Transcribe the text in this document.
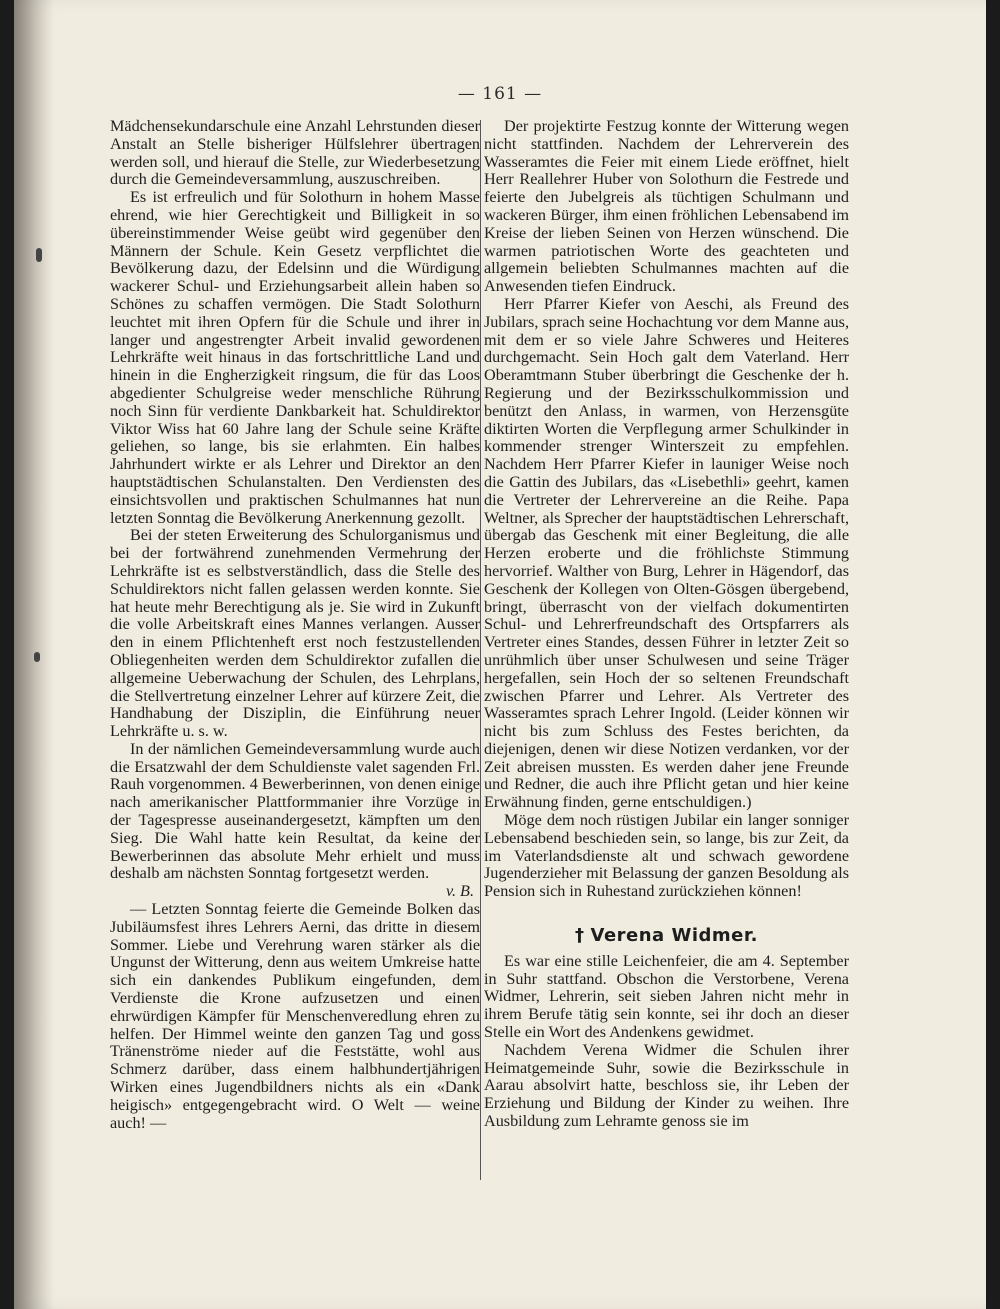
— 161 —

Mädchensekundarschule eine Anzahl Lehrstunden dieser Anstalt an Stelle bisheriger Hülfslehrer übertragen werden soll, und hierauf die Stelle, zur Wiederbesetzung durch die Gemeindeversammlung, auszuschreiben.

Es ist erfreulich und für Solothurn in hohem Masse ehrend, wie hier Gerechtigkeit und Billigkeit in so übereinstimmender Weise geübt wird gegenüber den Männern der Schule. Kein Gesetz verpflichtet die Bevölkerung dazu, der Edelsinn und die Würdigung wackerer Schul- und Erziehungsarbeit allein haben so Schönes zu schaffen vermögen. Die Stadt Solothurn leuchtet mit ihren Opfern für die Schule und ihrer in langer und angestrengter Arbeit invalid gewordenen Lehrkräfte weit hinaus in das fortschrittliche Land und hinein in die Engherzigkeit ringsum, die für das Loos abgedienter Schulgreise weder menschliche Rührung noch Sinn für verdiente Dankbarkeit hat. Schuldirektor Viktor Wiss hat 60 Jahre lang der Schule seine Kräfte geliehen, so lange, bis sie erlahmten. Ein halbes Jahrhundert wirkte er als Lehrer und Direktor an den hauptstädtischen Schulanstalten. Den Verdiensten des einsichtsvollen und praktischen Schulmannes hat nun letzten Sonntag die Bevölkerung Anerkennung gezollt.

Bei der steten Erweiterung des Schulorganismus und bei der fortwährend zunehmenden Vermehrung der Lehrkräfte ist es selbstverständlich, dass die Stelle des Schuldirektors nicht fallen gelassen werden konnte. Sie hat heute mehr Berechtigung als je. Sie wird in Zukunft die volle Arbeitskraft eines Mannes verlangen. Ausser den in einem Pflichtenheft erst noch festzustellenden Obliegenheiten werden dem Schuldirektor zufallen die allgemeine Ueberwachung der Schulen, des Lehrplans, die Stellvertretung einzelner Lehrer auf kürzere Zeit, die Handhabung der Disziplin, die Einführung neuer Lehrkräfte u. s. w.

In der nämlichen Gemeindeversammlung wurde auch die Ersatzwahl der dem Schuldienste valet sagenden Frl. Rauh vorgenommen. 4 Bewerberinnen, von denen einige nach amerikanischer Plattformmanier ihre Vorzüge in der Tagespresse auseinandergesetzt, kämpften um den Sieg. Die Wahl hatte kein Resultat, da keine der Bewerberinnen das absolute Mehr erhielt und muss deshalb am nächsten Sonntag fortgesetzt werden.

v. B.

— Letzten Sonntag feierte die Gemeinde Bolken das Jubiläumsfest ihres Lehrers Aerni, das dritte in diesem Sommer. Liebe und Verehrung waren stärker als die Ungunst der Witterung, denn aus weitem Umkreise hatte sich ein dankendes Publikum eingefunden, dem Verdienste die Krone aufzusetzen und einen ehrwürdigen Kämpfer für Menschenveredlung ehren zu helfen. Der Himmel weinte den ganzen Tag und goss Tränenströme nieder auf die Feststätte, wohl aus Schmerz darüber, dass einem halbhundertjährigen Wirken eines Jugendbildners nichts als ein «Dank heigisch» entgegengebracht wird. O Welt — weine auch! —

Der projektirte Festzug konnte der Witterung wegen nicht stattfinden. Nachdem der Lehrerverein des Wasseramtes die Feier mit einem Liede eröffnet, hielt Herr Reallehrer Huber von Solothurn die Festrede und feierte den Jubelgreis als tüchtigen Schulmann und wackeren Bürger, ihm einen fröhlichen Lebensabend im Kreise der lieben Seinen von Herzen wünschend. Die warmen patriotischen Worte des geachteten und allgemein beliebten Schulmannes machten auf die Anwesenden tiefen Eindruck.

Herr Pfarrer Kiefer von Aeschi, als Freund des Jubilars, sprach seine Hochachtung vor dem Manne aus, mit dem er so viele Jahre Schweres und Heiteres durchgemacht. Sein Hoch galt dem Vaterland. Herr Oberamtmann Stuber überbringt die Geschenke der h. Regierung und der Bezirksschulkommission und benützt den Anlass, in warmen, von Herzensgüte diktirten Worten die Verpflegung armer Schulkinder in kommender strenger Winterszeit zu empfehlen. Nachdem Herr Pfarrer Kiefer in launiger Weise noch die Gattin des Jubilars, das «Lisebethli» geehrt, kamen die Vertreter der Lehrervereine an die Reihe. Papa Weltner, als Sprecher der hauptstädtischen Lehrerschaft, übergab das Geschenk mit einer Begleitung, die alle Herzen eroberte und die fröhlichste Stimmung hervorrief. Walther von Burg, Lehrer in Hägendorf, das Geschenk der Kollegen von Olten-Gösgen übergebend, bringt, überrascht von der vielfach dokumentirten Schul- und Lehrerfreundschaft des Ortspfarrers als Vertreter eines Standes, dessen Führer in letzter Zeit so unrühmlich über unser Schulwesen und seine Träger hergefallen, sein Hoch der so seltenen Freundschaft zwischen Pfarrer und Lehrer. Als Vertreter des Wasseramtes sprach Lehrer Ingold. (Leider können wir nicht bis zum Schluss des Festes berichten, da diejenigen, denen wir diese Notizen verdanken, vor der Zeit abreisen mussten. Es werden daher jene Freunde und Redner, die auch ihre Pflicht getan und hier keine Erwähnung finden, gerne entschuldigen.)

Möge dem noch rüstigen Jubilar ein langer sonniger Lebensabend beschieden sein, so lange, bis zur Zeit, da im Vaterlandsdienste alt und schwach gewordene Jugenderzieher mit Belassung der ganzen Besoldung als Pension sich in Ruhestand zurückziehen können!

† Verena Widmer.

Es war eine stille Leichenfeier, die am 4. September in Suhr stattfand. Obschon die Verstorbene, Verena Widmer, Lehrerin, seit sieben Jahren nicht mehr in ihrem Berufe tätig sein konnte, sei ihr doch an dieser Stelle ein Wort des Andenkens gewidmet.

Nachdem Verena Widmer die Schulen ihrer Heimatgemeinde Suhr, sowie die Bezirksschule in Aarau absolvirt hatte, beschloss sie, ihr Leben der Erziehung und Bildung der Kinder zu weihen. Ihre Ausbildung zum Lehramte genoss sie im
